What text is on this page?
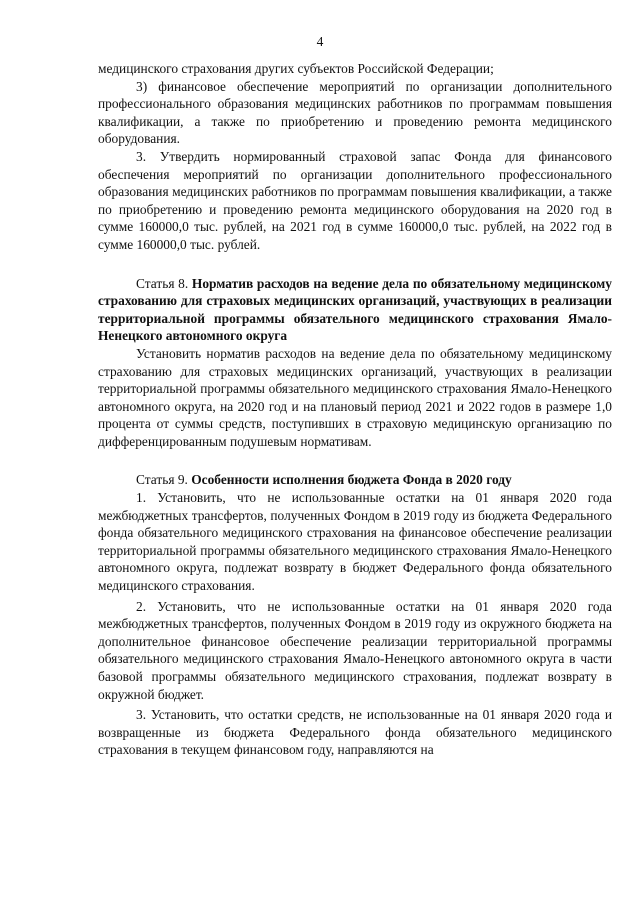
4

медицинского страхования других субъектов Российской Федерации;

3) финансовое обеспечение мероприятий по организации дополнительного профессионального образования медицинских работников по программам повышения квалификации, а также по приобретению и проведению ремонта медицинского оборудования.

3. Утвердить нормированный страховой запас Фонда для финансового обеспечения мероприятий по организации дополнительного профессионального образования медицинских работников по программам повышения квалификации, а также по приобретению и проведению ремонта медицинского оборудования на 2020 год в сумме 160000,0 тыс. рублей, на 2021 год в сумме 160000,0 тыс. рублей, на 2022 год в сумме 160000,0 тыс. рублей.

Статья 8. Норматив расходов на ведение дела по обязательному медицинскому страхованию для страховых медицинских организаций, участвующих в реализации территориальной программы обязательного медицинского страхования Ямало-Ненецкого автономного округа

Установить норматив расходов на ведение дела по обязательному медицинскому страхованию для страховых медицинских организаций, участвующих в реализации территориальной программы обязательного медицинского страхования Ямало-Ненецкого автономного округа, на 2020 год и на плановый период 2021 и 2022 годов в размере 1,0 процента от суммы средств, поступивших в страховую медицинскую организацию по дифференцированным подушевым нормативам.

Статья 9. Особенности исполнения бюджета Фонда в 2020 году

1. Установить, что не использованные остатки на 01 января 2020 года межбюджетных трансфертов, полученных Фондом в 2019 году из бюджета Федерального фонда обязательного медицинского страхования на финансовое обеспечение реализации территориальной программы обязательного медицинского страхования Ямало-Ненецкого автономного округа, подлежат возврату в бюджет Федерального фонда обязательного медицинского страхования.

2. Установить, что не использованные остатки на 01 января 2020 года межбюджетных трансфертов, полученных Фондом в 2019 году из окружного бюджета на дополнительное финансовое обеспечение реализации территориальной программы обязательного медицинского страхования Ямало-Ненецкого автономного округа в части базовой программы обязательного медицинского страхования, подлежат возврату в окружной бюджет.

3. Установить, что остатки средств, не использованные на 01 января 2020 года и возвращенные из бюджета Федерального фонда обязательного медицинского страхования в текущем финансовом году, направляются на
